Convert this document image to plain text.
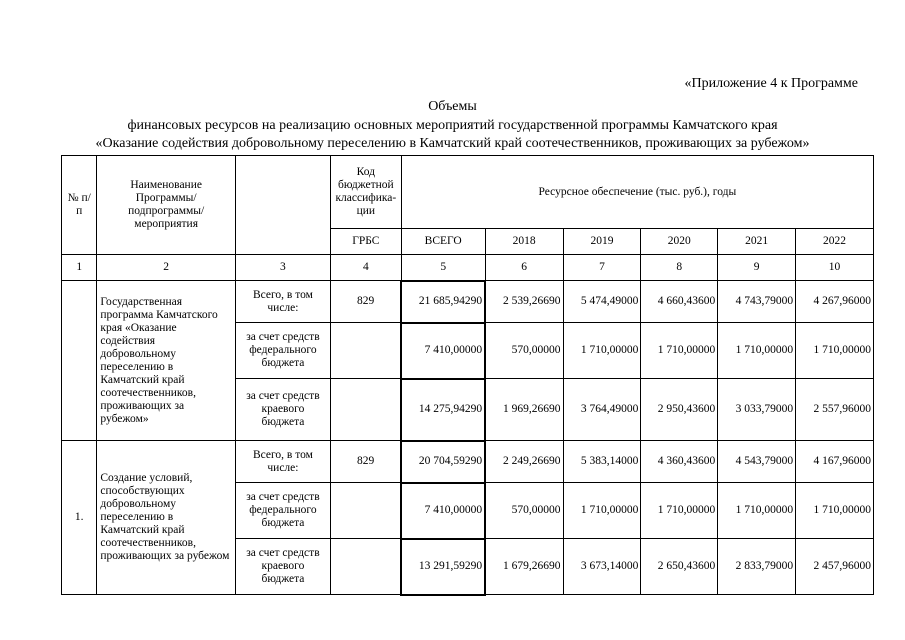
«Приложение 4 к Программе
Объемы
финансовых ресурсов на реализацию основных мероприятий государственной программы Камчатского края
«Оказание содействия добровольному переселению в Камчатский край соотечественников, проживающих за рубежом»
№ п/п	Наименование Программы/ подпрограммы/ мероприятия		Код бюджетной классифика-ции	Ресурсное обеспечение (тыс. руб.), годы					
			ГРБС	ВСЕГО	2018	2019	2020	2021	2022
1	2	3	4	5	6	7	8	9	10
	Государственная программа Камчатского края «Оказание содействия добровольному переселению в Камчатский край соотечественников, проживающих за рубежом»	Всего, в том числе:	829	21 685,94290	2 539,26690	5 474,49000	4 660,43600	4 743,79000	4 267,96000
		за счет средств федерального бюджета		7 410,00000	570,00000	1 710,00000	1 710,00000	1 710,00000	1 710,00000
		за счет средств краевого бюджета		14 275,94290	1 969,26690	3 764,49000	2 950,43600	3 033,79000	2 557,96000
1.	Создание условий, способствующих добровольному переселению в Камчатский край соотечественников, проживающих за рубежом	Всего, в том числе:	829	20 704,59290	2 249,26690	5 383,14000	4 360,43600	4 543,79000	4 167,96000
		за счет средств федерального бюджета		7 410,00000	570,00000	1 710,00000	1 710,00000	1 710,00000	1 710,00000
		за счет средств краевого бюджета		13 291,59290	1 679,26690	3 673,14000	2 650,43600	2 833,79000	2 457,96000
